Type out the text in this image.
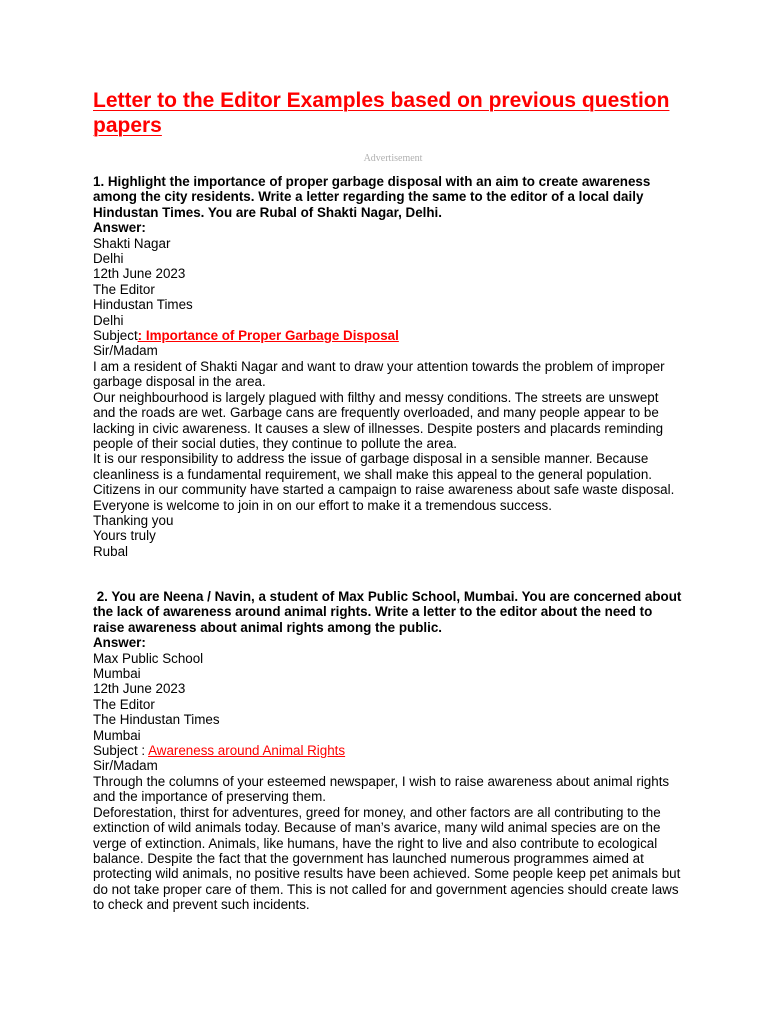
Letter to the Editor Examples based on previous question papers
Advertisement

1. Highlight the importance of proper garbage disposal with an aim to create awareness among the city residents. Write a letter regarding the same to the editor of a local daily Hindustan Times. You are Rubal of Shakti Nagar, Delhi.

Answer:

Shakti Nagar

Delhi

12th June 2023

The Editor

Hindustan Times

Delhi

Subject: Importance of Proper Garbage Disposal

Sir/Madam

I am a resident of Shakti Nagar and want to draw your attention towards the problem of improper garbage disposal in the area.

Our neighbourhood is largely plagued with filthy and messy conditions. The streets are unswept and the roads are wet. Garbage cans are frequently overloaded, and many people appear to be lacking in civic awareness. It causes a slew of illnesses. Despite posters and placards reminding people of their social duties, they continue to pollute the area.

It is our responsibility to address the issue of garbage disposal in a sensible manner. Because cleanliness is a fundamental requirement, we shall make this appeal to the general population. Citizens in our community have started a campaign to raise awareness about safe waste disposal. Everyone is welcome to join in on our effort to make it a tremendous success.

Thanking you

Yours truly

Rubal

2. You are Neena / Navin, a student of Max Public School, Mumbai. You are concerned about the lack of awareness around animal rights. Write a letter to the editor about the need to raise awareness about animal rights among the public.

Answer:

Max Public School

Mumbai

12th June 2023

The Editor

The Hindustan Times

Mumbai

Subject : Awareness around Animal Rights

Sir/Madam

Through the columns of your esteemed newspaper, I wish to raise awareness about animal rights and the importance of preserving them.

Deforestation, thirst for adventures, greed for money, and other factors are all contributing to the extinction of wild animals today. Because of man’s avarice, many wild animal species are on the verge of extinction. Animals, like humans, have the right to live and also contribute to ecological balance. Despite the fact that the government has launched numerous programmes aimed at protecting wild animals, no positive results have been achieved. Some people keep pet animals but do not take proper care of them. This is not called for and government agencies should create laws to check and prevent such incidents.
